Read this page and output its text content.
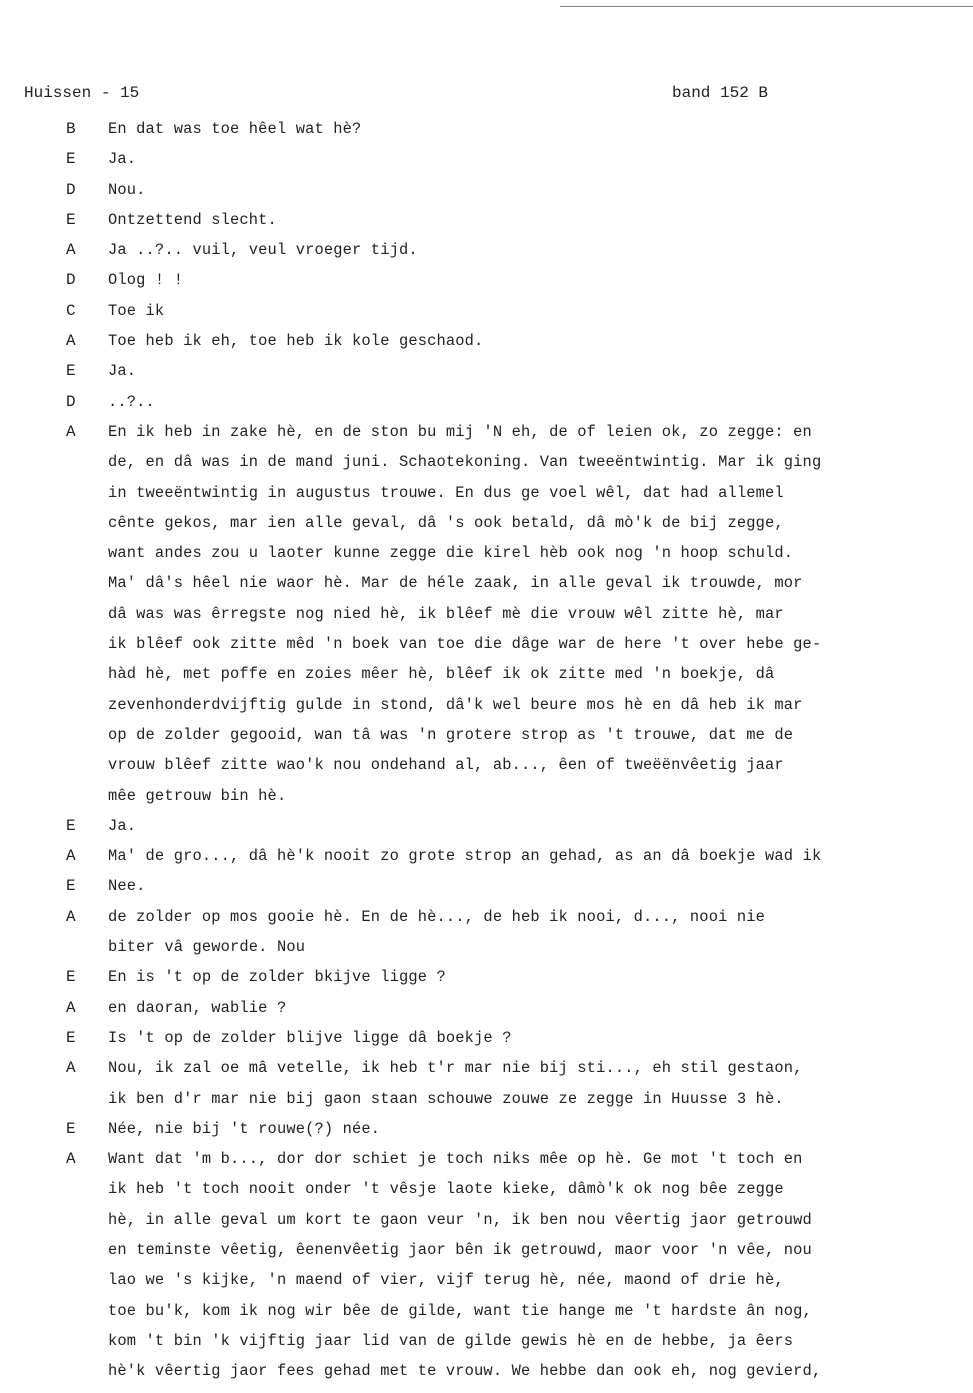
Huissen - 15	band 152 B
B En dat was toe hêel wat hè?
E Ja.
D Nou.
E Ontzettend slecht.
A Ja ..?.. vuil, veul vroeger tijd.
D Olog ! !
C Toe ik
A Toe heb ik eh, toe heb ik kole geschaod.
E Ja.
D ..?..
A En ik heb in zake hè, en de ston bu mij 'N eh, de of leien ok, zo zegge: en
de, en dâ was in de mand juni. Schaotekoning. Van tweeëntwintig. Mar ik ging
in tweeëntwintig in augustus trouwe. En dus ge voel wêl, dat had allemel
cênte gekos, mar ien alle geval, dâ 's ook betald, dâ mò'k de bij zegge,
want andes zou u laoter kunne zegge die kirel hèb ook nog 'n hoop schuld.
Ma' dâ's hêel nie waor hè. Mar de héle zaak, in alle geval ik trouwde, mor
dâ was was êrregste nog nied hè, ik blêef mè die vrouw wêl zitte hè, mar
ik blêef ook zitte mêd 'n boek van toe die dâge war de here 't over hebe ge-
hàd hè, met poffe en zoies mêer hè, blêef ik ok zitte med 'n boekje, dâ
zevenhonderdvijftig gulde in stond, dâ'k wel beure mos hè en dâ heb ik mar
op de zolder gegooid, wan tâ was 'n grotere strop as 't trouwe, dat me de
vrouw blêef zitte wao'k nou ondehand al, ab..., êen of tweëënvêetig jaar
mêe getrouw bin hè.
E Ja.
A Ma' de gro..., dâ hè'k nooit zo grote strop an gehad, as an dâ boekje wad ik
E Nee.
A de zolder op mos gooie hè. En de hè..., de heb ik nooi, d..., nooi nie
biter vâ geworde. Nou
E En is 't op de zolder bkijve ligge ?
A en daoran, wablie ?
E Is 't op de zolder blijve ligge dâ boekje ?
A Nou, ik zal oe mâ vetelle, ik heb t'r mar nie bij sti..., eh stil gestaon,
ik ben d'r mar nie bij gaon staan schouwe zouwe ze zegge in Huusse 3 hè.
E Née, nie bij 't rouwe(?) née.
A Want dat 'm b..., dor dor schiet je toch niks mêe op hè. Ge mot 't toch en
ik heb 't toch nooit onder 't vêsje laote kieke, dâmò'k ok nog bêe zegge
hè, in alle geval um kort te gaon veur 'n, ik ben nou vêertig jaor getrouwd
en teminste vêetig, êenenvêetig jaor bên ik getrouwd, maor voor 'n vêe, nou
lao we 's kijke, 'n maend of vier, vijf terug hè, née, maond of drie hè,
toe bu'k, kom ik nog wir bêe de gilde, want tie hange me 't hardste ân nog,
kom 't bin 'k vijftig jaar lid van de gilde gewis hè en de hebbe, ja êers
hè'k vêertig jaor fees gehad met te vrouw. We hebbe dan ook eh, nog gevierd,
